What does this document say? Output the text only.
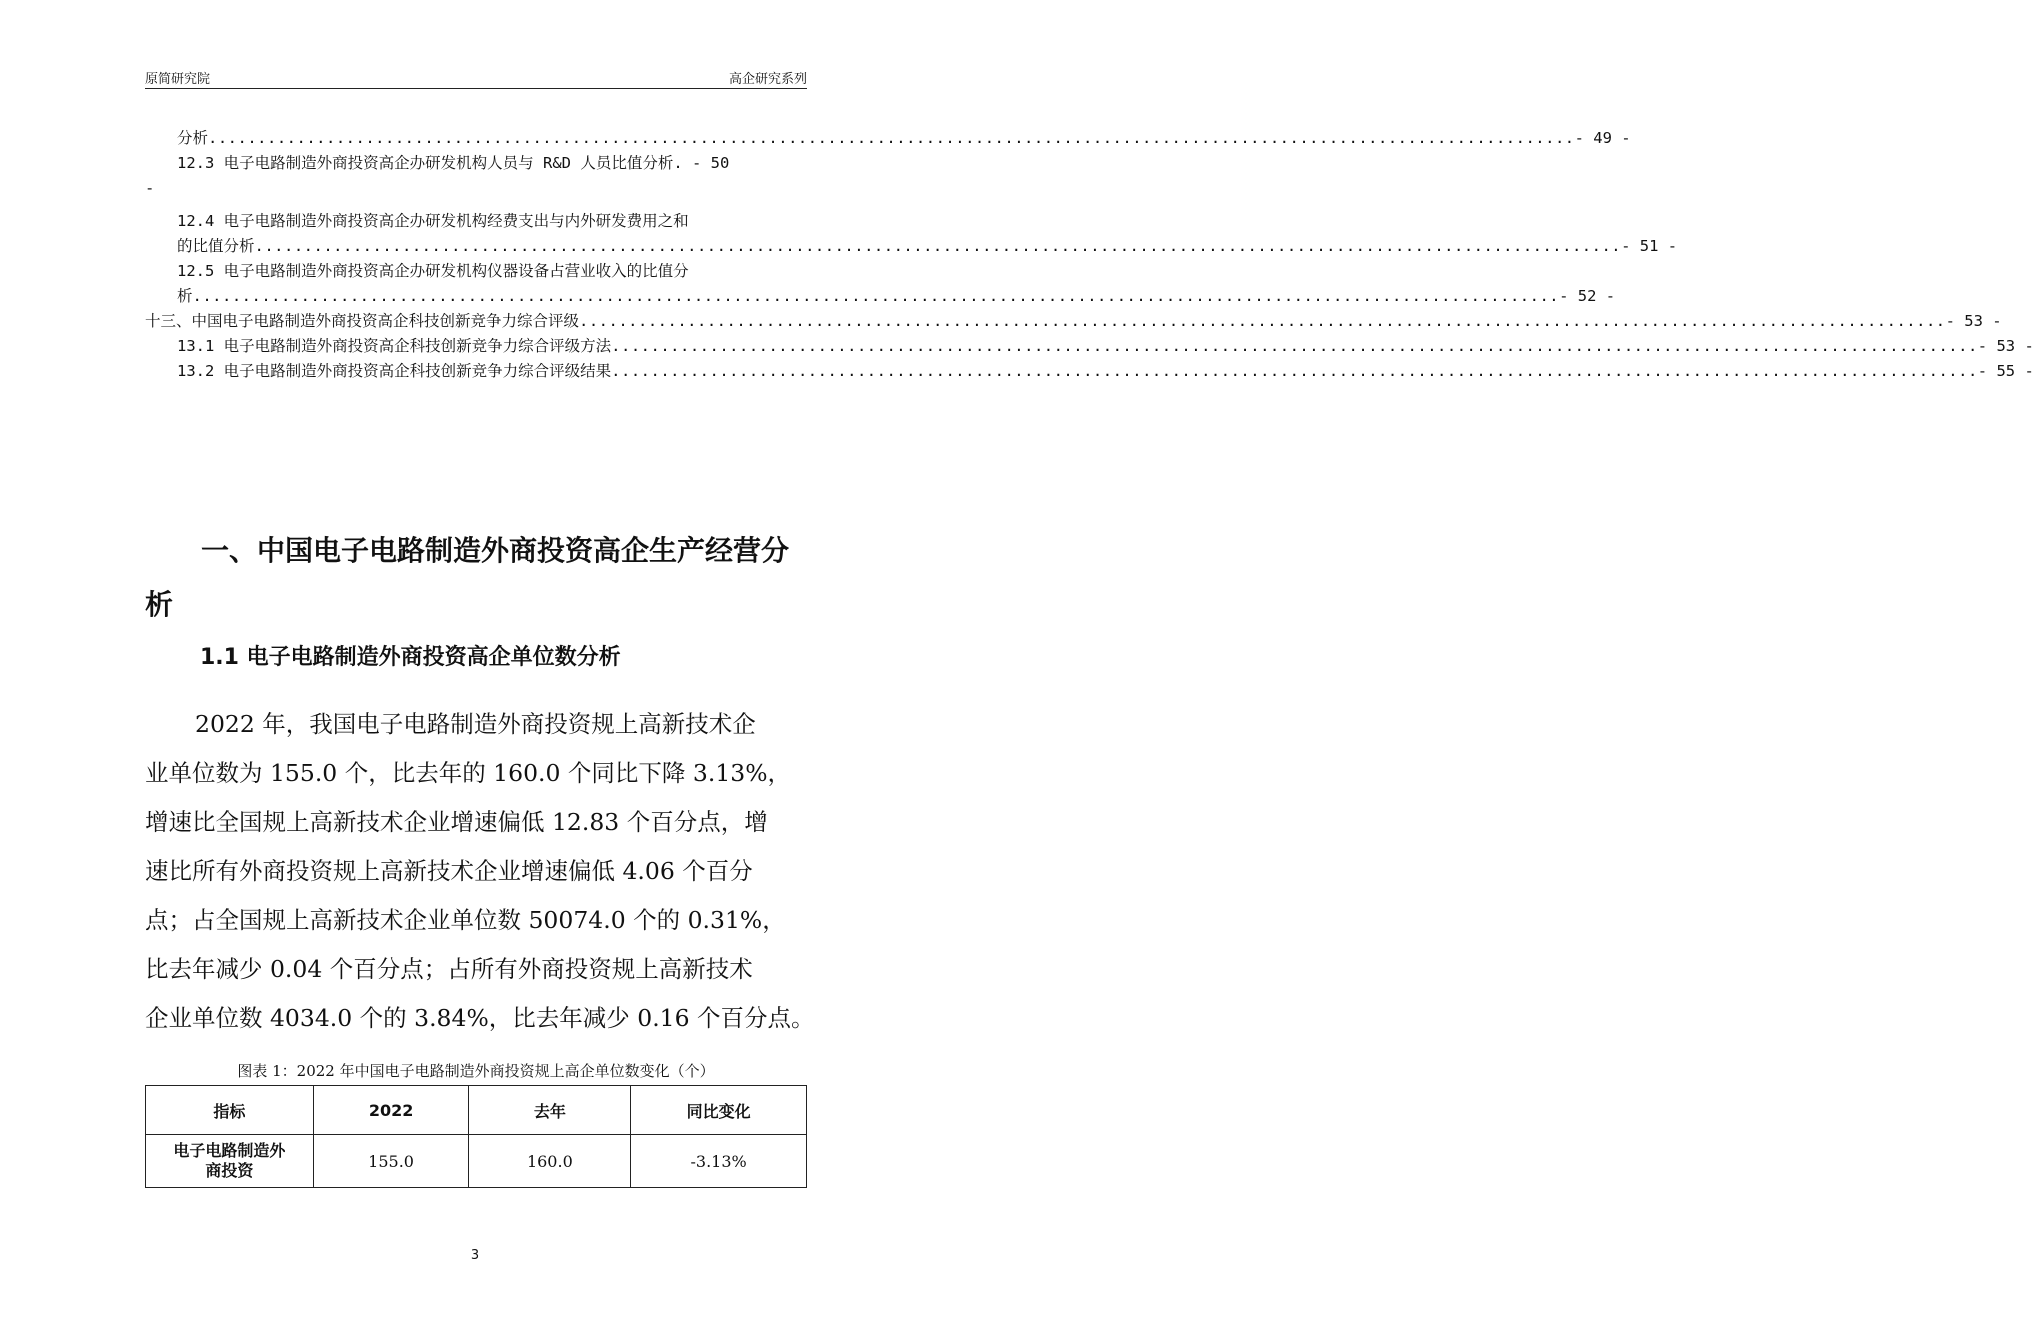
原简研究院	高企研究系列
分析 ........................................................................................................................................... - 49 -
12.3 电子电路制造外商投资高企办研发机构人员与 R&D 人员比值分析 . - 50
-
12.4 电子电路制造外商投资高企办研发机构经费支出与内外研发费用之和
的比值分析 ........................................................................................................................................... - 51 -
12.5 电子电路制造外商投资高企办研发机构仪器设备占营业收入的比值分
析 ........................................................................................................................................... - 52 -
十三、中国电子电路制造外商投资高企科技创新竞争力综合评级 ........................................................................................................................................... - 53 -
13.1 电子电路制造外商投资高企科技创新竞争力综合评级方法 ........................................................................................................................................... - 53 -
13.2 电子电路制造外商投资高企科技创新竞争力综合评级结果 ........................................................................................................................................... - 55 -
一、中国电子电路制造外商投资高企生产经营分析
1.1 电子电路制造外商投资高企单位数分析
2022 年，我国电子电路制造外商投资规上高新技术企
业单位数为 155.0 个，比去年的 160.0 个同比下降 3.13%，
增速比全国规上高新技术企业增速偏低 12.83 个百分点，增
速比所有外商投资规上高新技术企业增速偏低 4.06 个百分
点；占全国规上高新技术企业单位数 50074.0 个的 0.31%，
比去年减少 0.04 个百分点；占所有外商投资规上高新技术
企业单位数 4034.0 个的 3.84%，比去年减少 0.16 个百分点。
图表 1：2022 年中国电子电路制造外商投资规上高企单位数变化（个）
指标	2022	去年	同比变化
电子电路制造外
商投资	155.0	160.0	-3.13%
3
